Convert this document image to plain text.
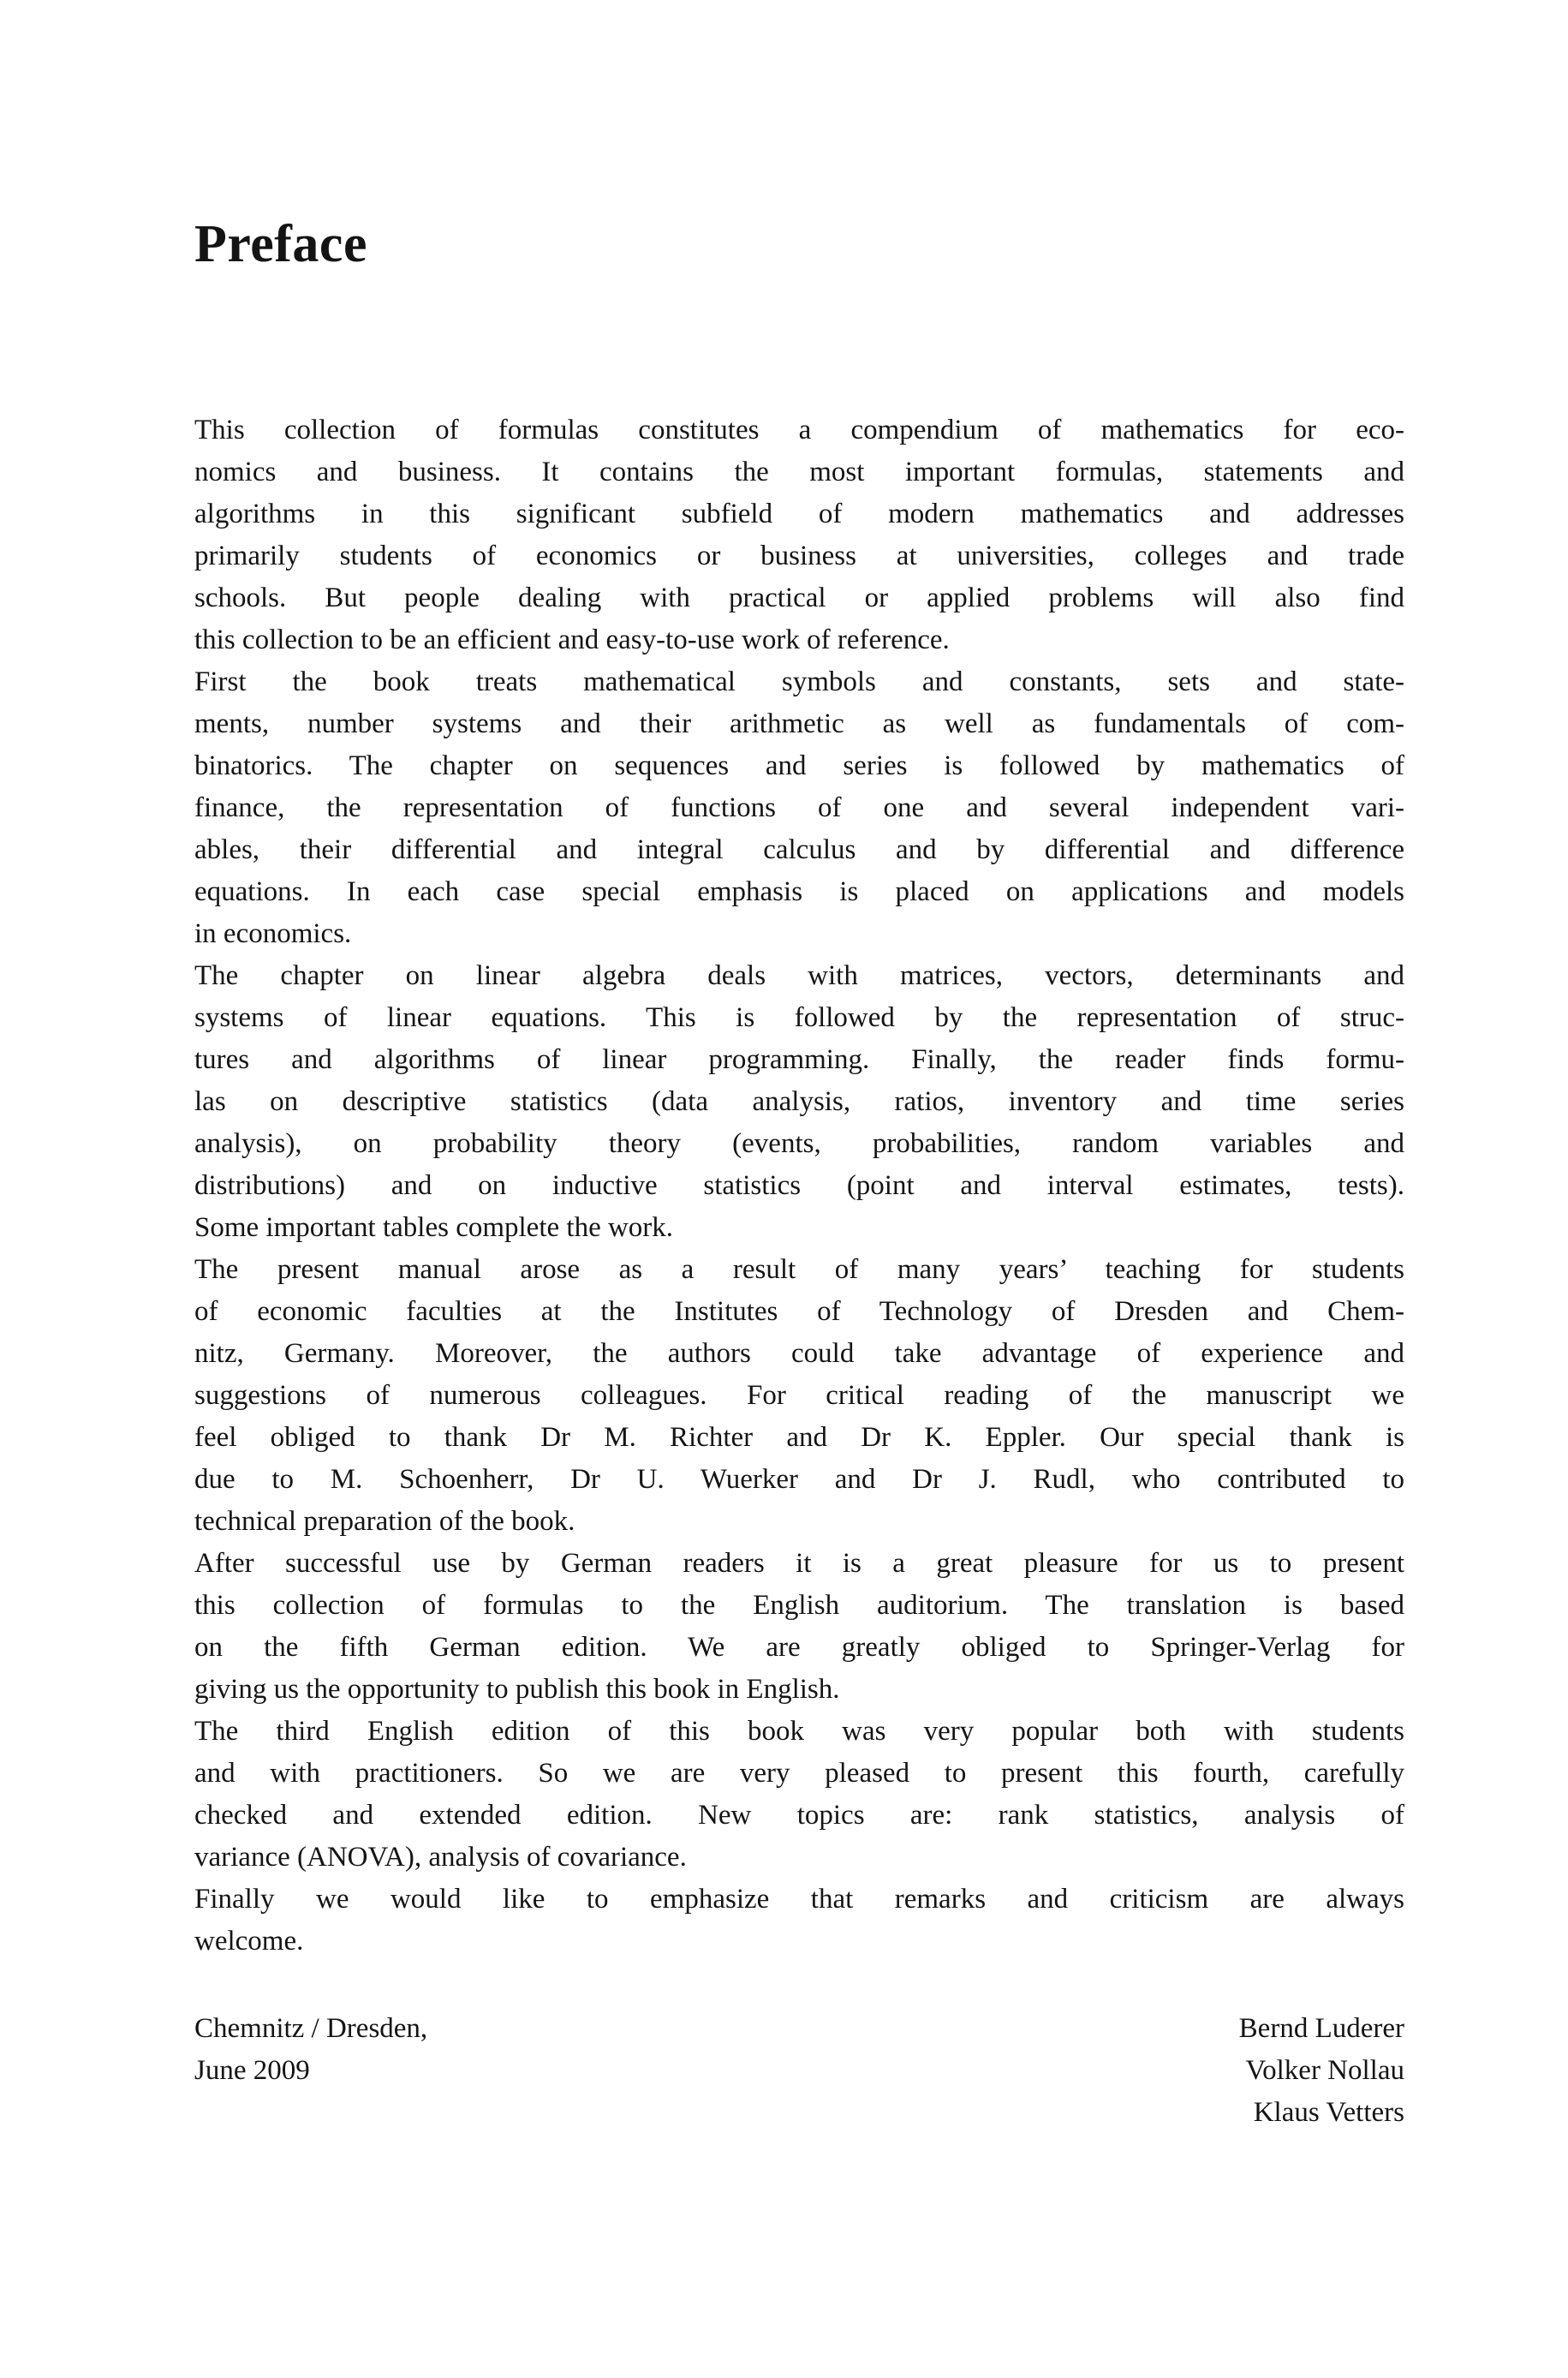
Preface
This collection of formulas constitutes a compendium of mathematics for eco-
nomics and business. It contains the most important formulas, statements and
algorithms in this significant subfield of modern mathematics and addresses
primarily students of economics or business at universities, colleges and trade
schools. But people dealing with practical or applied problems will also find
this collection to be an efficient and easy-to-use work of reference.
First the book treats mathematical symbols and constants, sets and state-
ments, number systems and their arithmetic as well as fundamentals of com-
binatorics. The chapter on sequences and series is followed by mathematics of
finance, the representation of functions of one and several independent vari-
ables, their differential and integral calculus and by differential and difference
equations. In each case special emphasis is placed on applications and models
in economics.
The chapter on linear algebra deals with matrices, vectors, determinants and
systems of linear equations. This is followed by the representation of struc-
tures and algorithms of linear programming. Finally, the reader finds formu-
las on descriptive statistics (data analysis, ratios, inventory and time series
analysis), on probability theory (events, probabilities, random variables and
distributions) and on inductive statistics (point and interval estimates, tests).
Some important tables complete the work.
The present manual arose as a result of many years’ teaching for students
of economic faculties at the Institutes of Technology of Dresden and Chem-
nitz, Germany. Moreover, the authors could take advantage of experience and
suggestions of numerous colleagues. For critical reading of the manuscript we
feel obliged to thank Dr M. Richter and Dr K. Eppler. Our special thank is
due to M. Schoenherr, Dr U. Wuerker and Dr J. Rudl, who contributed to
technical preparation of the book.
After successful use by German readers it is a great pleasure for us to present
this collection of formulas to the English auditorium. The translation is based
on the fifth German edition. We are greatly obliged to Springer-Verlag for
giving us the opportunity to publish this book in English.
The third English edition of this book was very popular both with students
and with practitioners. So we are very pleased to present this fourth, carefully
checked and extended edition. New topics are: rank statistics, analysis of
variance (ANOVA), analysis of covariance.
Finally we would like to emphasize that remarks and criticism are always
welcome.
Chemnitz / Dresden,
June 2009
Bernd Luderer
Volker Nollau
Klaus Vetters
